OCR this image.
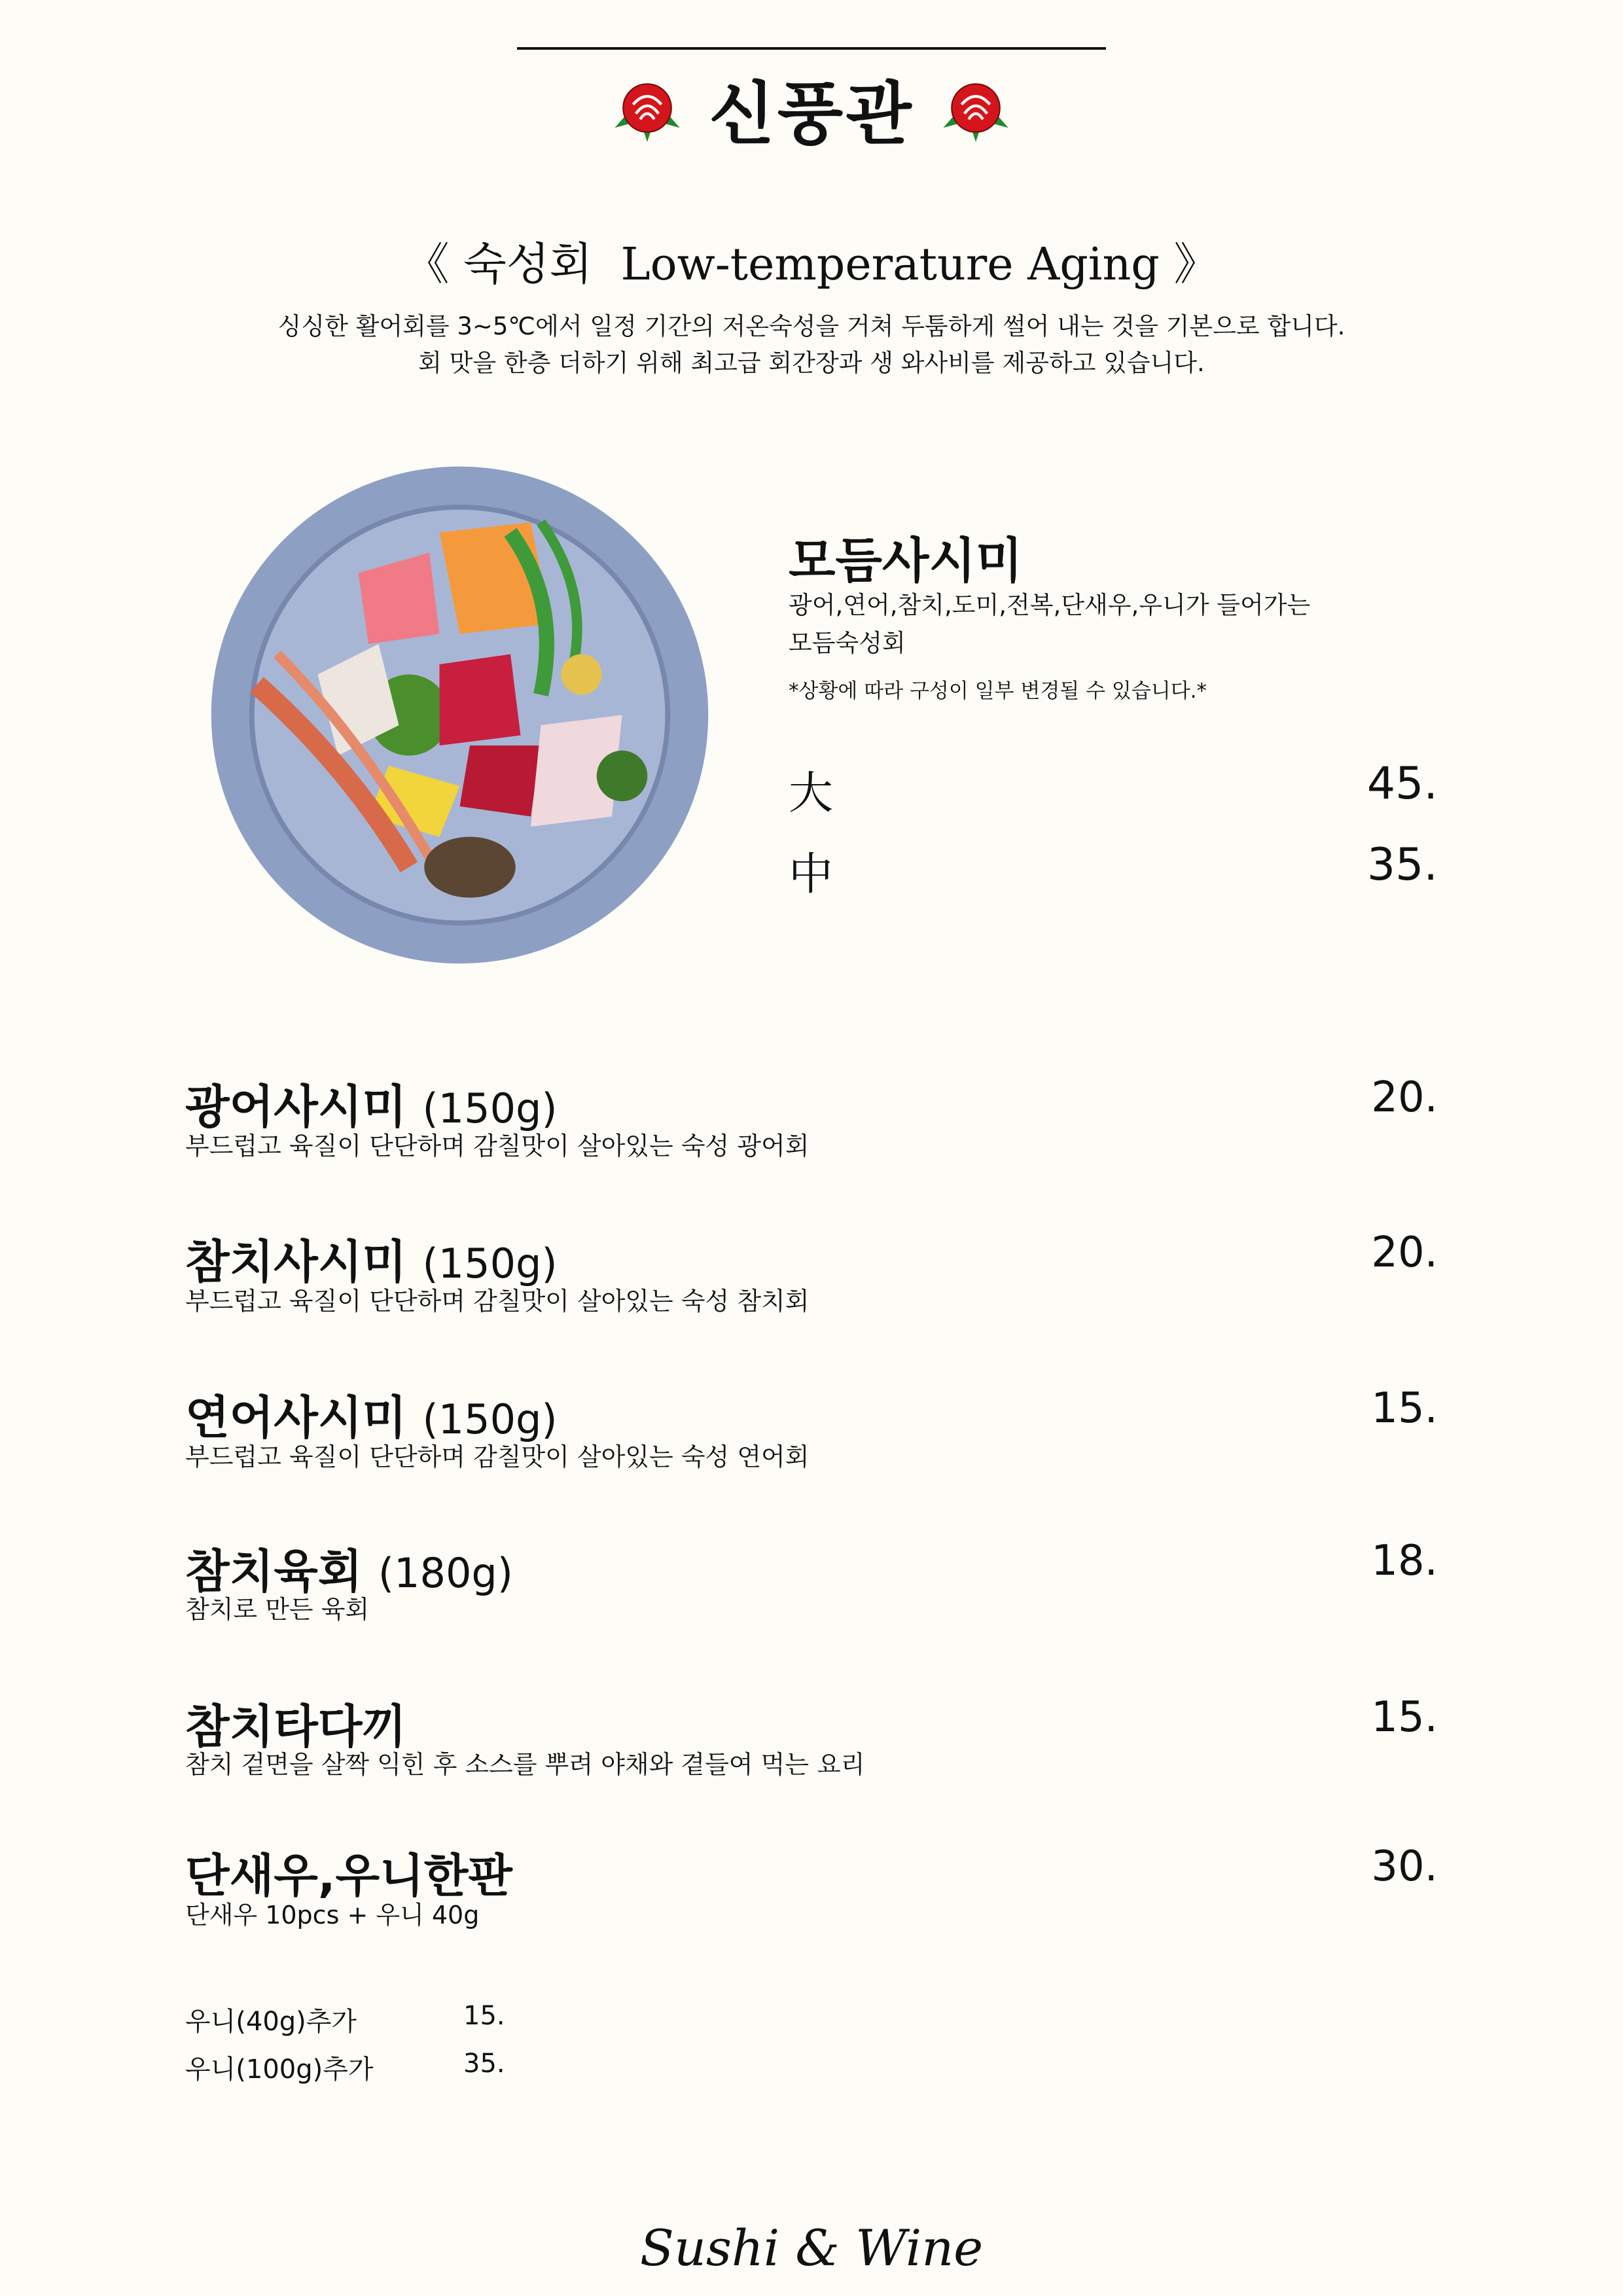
신풍관
《 숙성회 Low-temperature Aging 》
싱싱한 활어회를 3~5℃에서 일정 기간의 저온숙성을 거쳐 두툼하게 썰어 내는 것을 기본으로 합니다.
회 맛을 한층 더하기 위해 최고급 회간장과 생 와사비를 제공하고 있습니다.
모듬사시미
광어,연어,참치,도미,전복,단새우,우니가 들어가는
모듬숙성회
*상황에 따라 구성이 일부 변경될 수 있습니다.*
大	45.
中	35.
광어사시미 (150g)
부드럽고 육질이 단단하며 감칠맛이 살아있는 숙성 광어회
20.
참치사시미 (150g)
부드럽고 육질이 단단하며 감칠맛이 살아있는 숙성 참치회
20.
연어사시미 (150g)
부드럽고 육질이 단단하며 감칠맛이 살아있는 숙성 연어회
15.
참치육회 (180g)
참치로 만든 육회
18.
참치타다끼
참치 겉면을 살짝 익힌 후 소스를 뿌려 야채와 곁들여 먹는 요리
15.
단새우,우니한판
단새우 10pcs + 우니 40g
30.
우니(40g)추가	15.
우니(100g)추가	35.
Sushi & Wine
